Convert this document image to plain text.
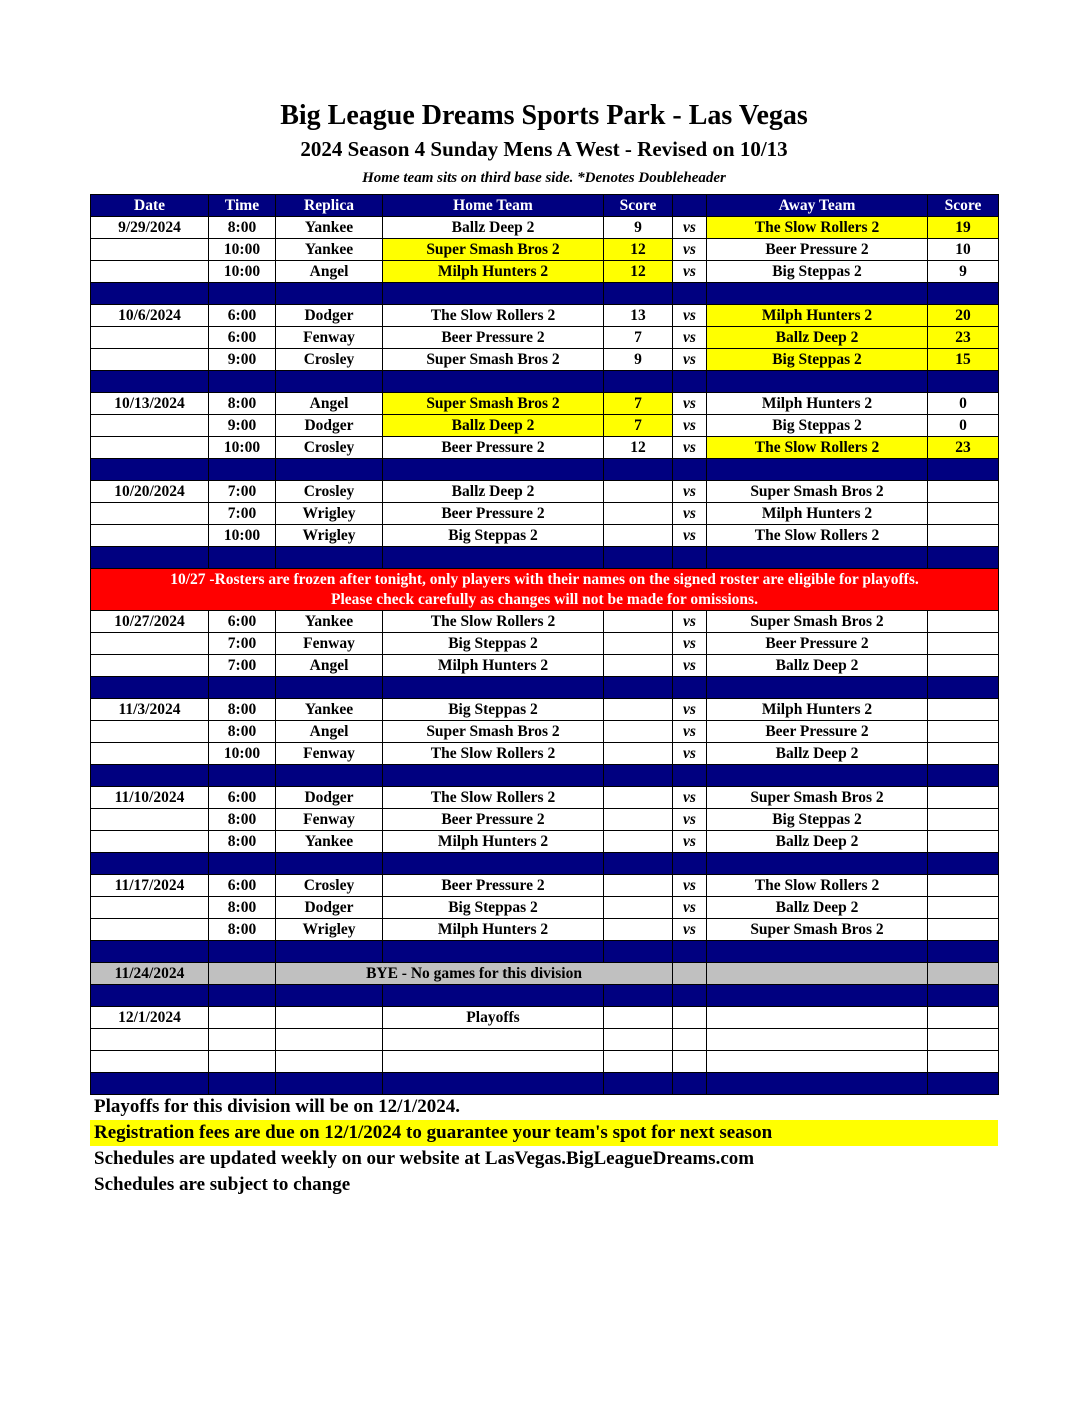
Big League Dreams Sports Park - Las Vegas
2024 Season 4 Sunday Mens A West - Revised on 10/13
Home team sits on third base side. *Denotes Doubleheader
Date	Time	Replica	Home Team	Score		Away Team	Score
9/29/2024	8:00	Yankee	Ballz Deep 2	9	vs	The Slow Rollers 2	19
	10:00	Yankee	Super Smash Bros 2	12	vs	Beer Pressure 2	10
	10:00	Angel	Milph Hunters 2	12	vs	Big Steppas 2	9

10/6/2024	6:00	Dodger	The Slow Rollers 2	13	vs	Milph Hunters 2	20
	6:00	Fenway	Beer Pressure 2	7	vs	Ballz Deep 2	23
	9:00	Crosley	Super Smash Bros 2	9	vs	Big Steppas 2	15

10/13/2024	8:00	Angel	Super Smash Bros 2	7	vs	Milph Hunters 2	0
	9:00	Dodger	Ballz Deep 2	7	vs	Big Steppas 2	0
	10:00	Crosley	Beer Pressure 2	12	vs	The Slow Rollers 2	23

10/20/2024	7:00	Crosley	Ballz Deep 2		vs	Super Smash Bros 2	
	7:00	Wrigley	Beer Pressure 2		vs	Milph Hunters 2	
	10:00	Wrigley	Big Steppas 2		vs	The Slow Rollers 2	

10/27 -Rosters are frozen after tonight, only players with their names on the signed roster are eligible for playoffs.
Please check carefully as changes will not be made for omissions.							

10/27/2024	6:00	Yankee	The Slow Rollers 2		vs	Super Smash Bros 2	
	7:00	Fenway	Big Steppas 2		vs	Beer Pressure 2	
	7:00	Angel	Milph Hunters 2		vs	Ballz Deep 2	

11/3/2024	8:00	Yankee	Big Steppas 2		vs	Milph Hunters 2	
	8:00	Angel	Super Smash Bros 2		vs	Beer Pressure 2	
	10:00	Fenway	The Slow Rollers 2		vs	Ballz Deep 2	

11/10/2024	6:00	Dodger	The Slow Rollers 2		vs	Super Smash Bros 2	
	8:00	Fenway	Beer Pressure 2		vs	Big Steppas 2	
	8:00	Yankee	Milph Hunters 2		vs	Ballz Deep 2	

11/17/2024	6:00	Crosley	Beer Pressure 2		vs	The Slow Rollers 2	
	8:00	Dodger	Big Steppas 2		vs	Ballz Deep 2	
	8:00	Wrigley	Milph Hunters 2		vs	Super Smash Bros 2	

11/24/2024		BYE - No games for this division					

12/1/2024			Playoffs				

Playoffs for this division will be on 12/1/2024.
Registration fees are due on 12/1/2024 to guarantee your team's spot for next season
Schedules are updated weekly on our website at LasVegas.BigLeagueDreams.com
Schedules are subject to change
